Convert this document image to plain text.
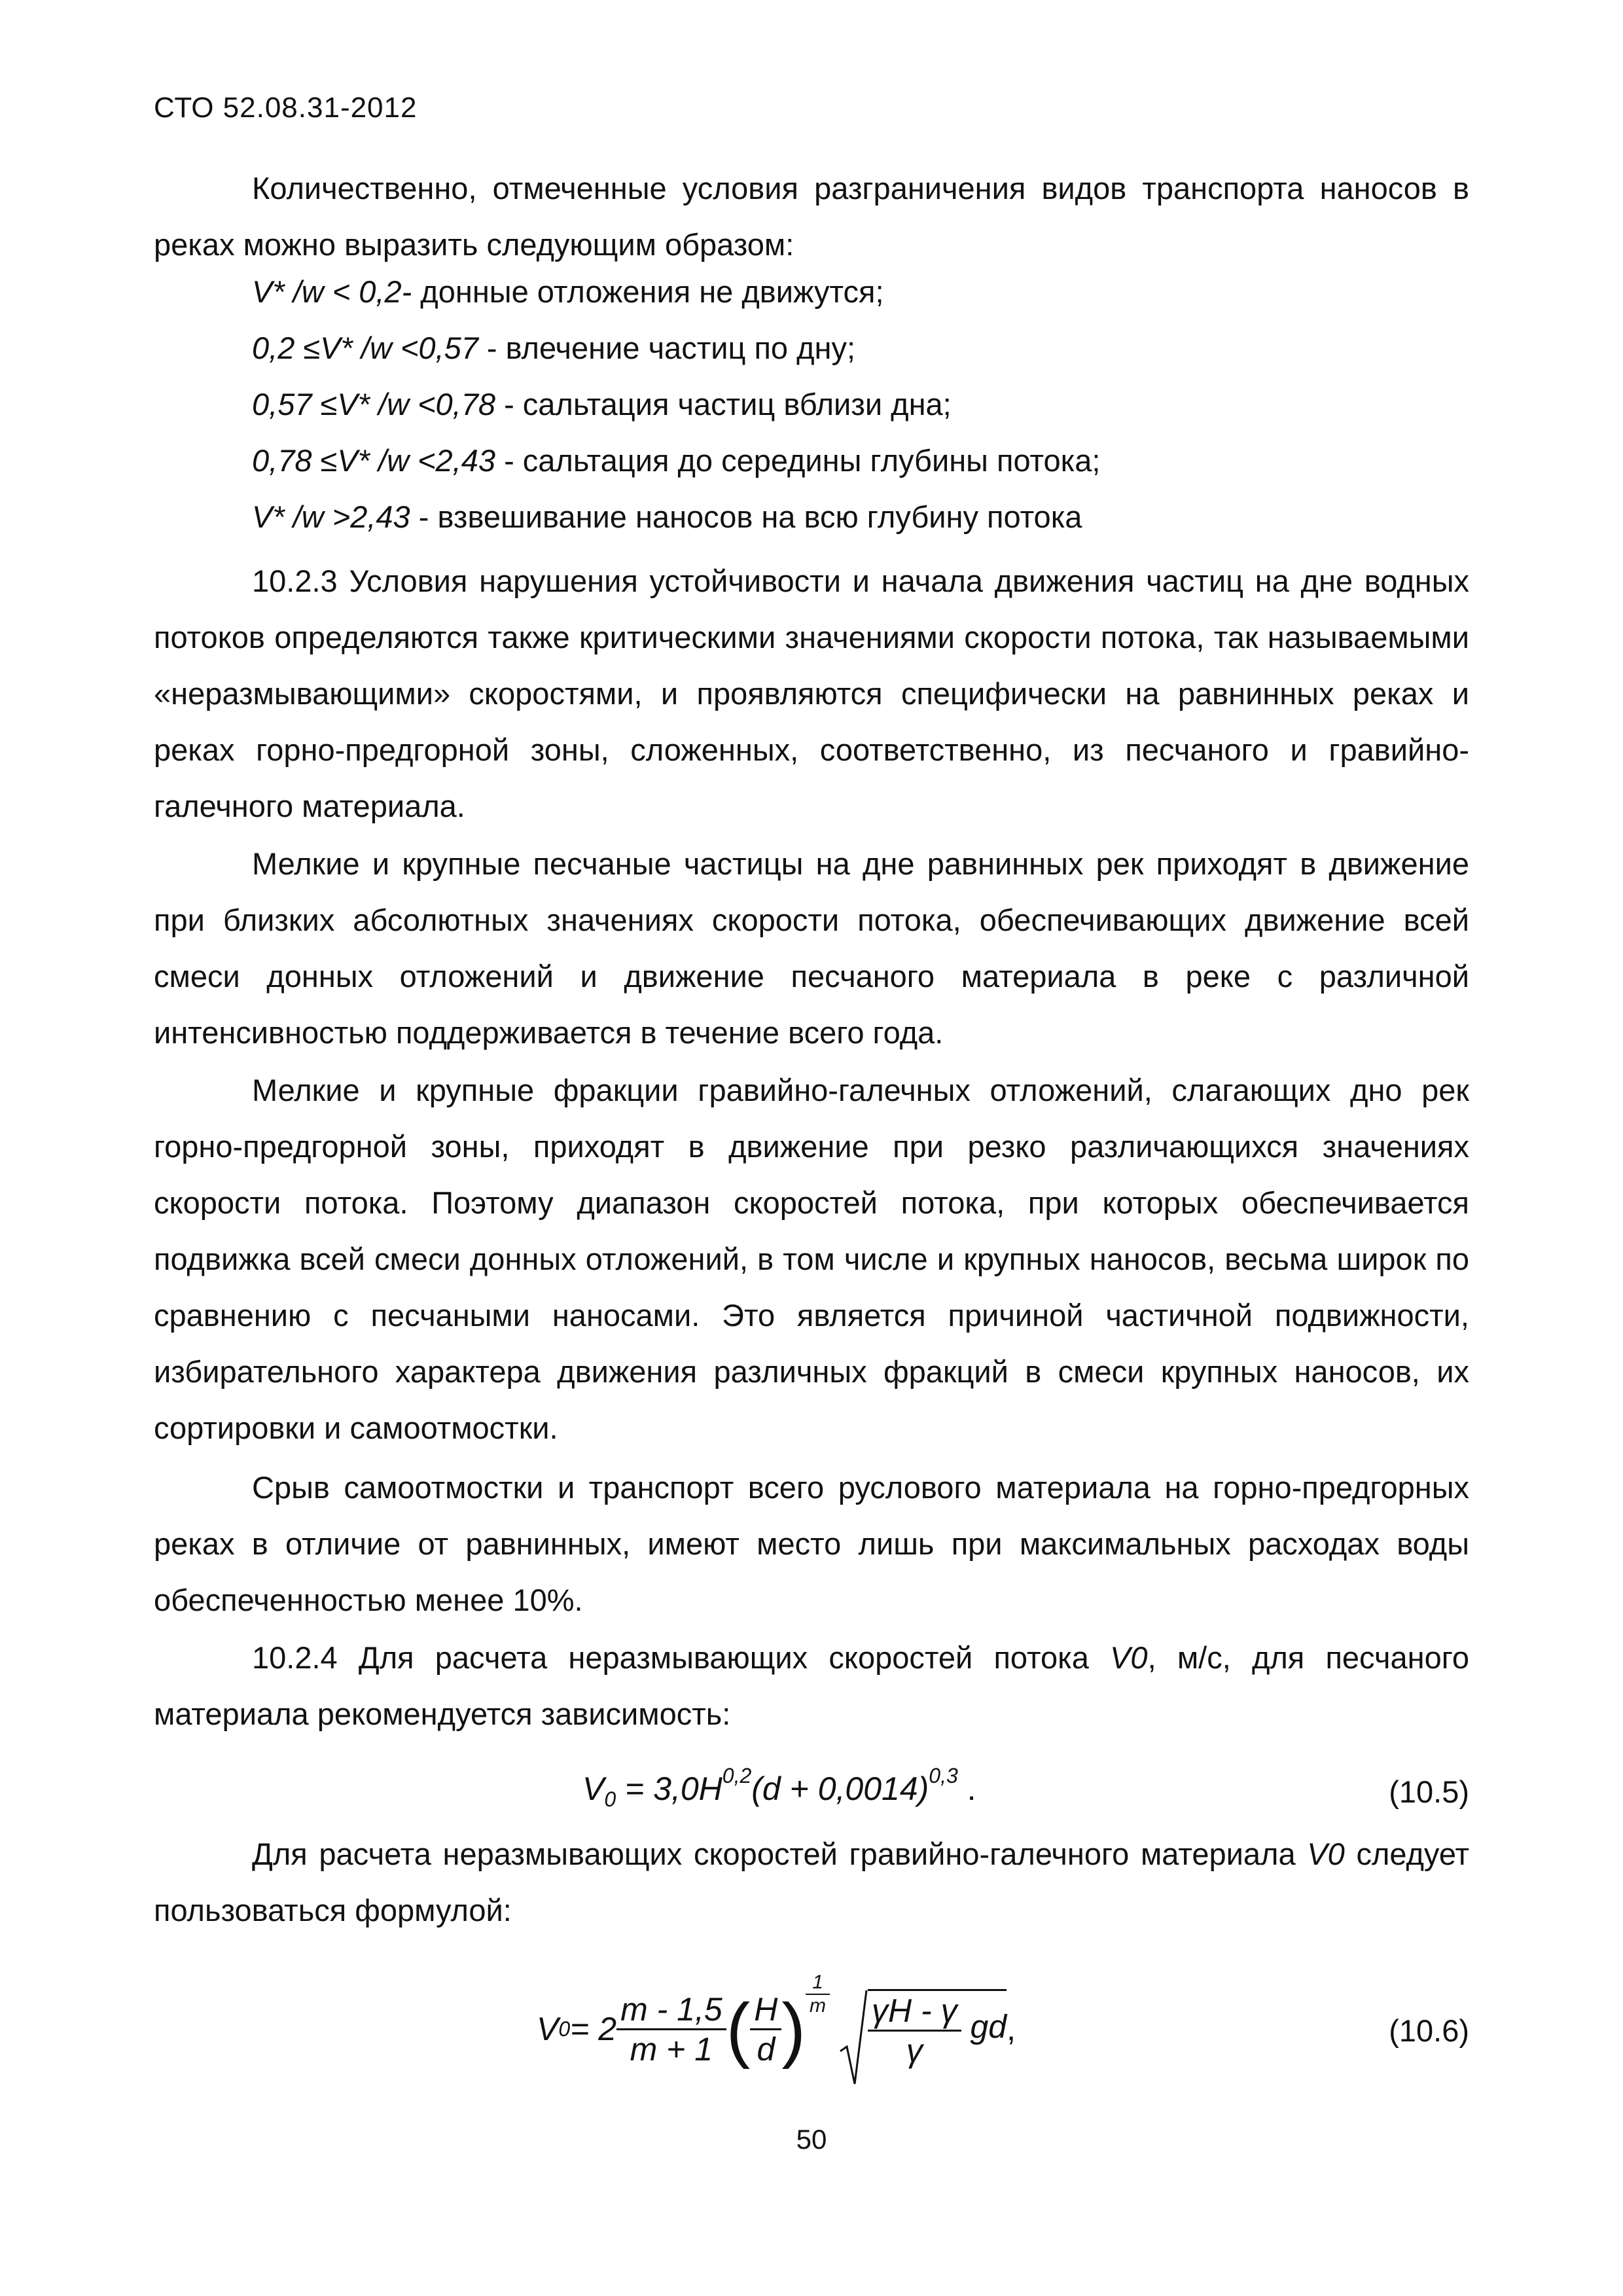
СТО 52.08.31-2012

Количественно, отмеченные условия разграничения видов транспорта наносов в реках можно выразить следующим образом:

V* /w < 0,2- донные отложения не движутся;
0,2 ≤V* /w <0,57 - влечение частиц по дну;
0,57 ≤V* /w <0,78 - сальтация частиц вблизи дна;
0,78 ≤V* /w <2,43 - сальтация до середины глубины потока;
V* /w >2,43 - взвешивание наносов на всю глубину потока

10.2.3 Условия нарушения устойчивости и начала движения частиц на дне водных потоков определяются также критическими значениями скорости потока, так называемыми «неразмывающими» скоростями, и проявляются специфически на равнинных реках и реках горно-предгорной зоны, сложенных, соответственно, из песчаного и гравийно-галечного материала.

Мелкие и крупные песчаные частицы на дне равнинных рек приходят в движение при близких абсолютных значениях скорости потока, обеспечивающих движение всей смеси донных отложений и движение песчаного материала в реке с различной интенсивностью поддерживается в течение всего года.

Мелкие и крупные фракции гравийно-галечных отложений, слагающих дно рек горно-предгорной зоны, приходят в движение при резко различающихся значениях скорости потока. Поэтому диапазон скоростей потока, при которых обеспечивается подвижка всей смеси донных отложений, в том числе и крупных наносов, весьма широк по сравнению с песчаными наносами. Это является причиной частичной подвижности, избирательного характера движения различных фракций в смеси крупных наносов, их сортировки и самоотмостки.

Срыв самоотмостки и транспорт всего руслового материала на горно-предгорных реках в отличие от равнинных, имеют место лишь при максимальных расходах воды обеспеченностью менее 10%.

10.2.4 Для расчета неразмывающих скоростей потока V0, м/с, для песчаного материала рекомендуется зависимость:

$V_0 = 3,0H^{0,2}(d + 0,0014)^{0,3}$ .	(10.5)

Для расчета неразмывающих скоростей гравийно-галечного материала V0 следует пользоваться формулой:

V $0 = 2 \frac{m - 1,5}{m + 1}$ ( $\frac{H}{d}$ ) $\frac{1}{m} \frac{\gamma H - \gamma}{\gamma}$ gd ,	(10.6)
50
